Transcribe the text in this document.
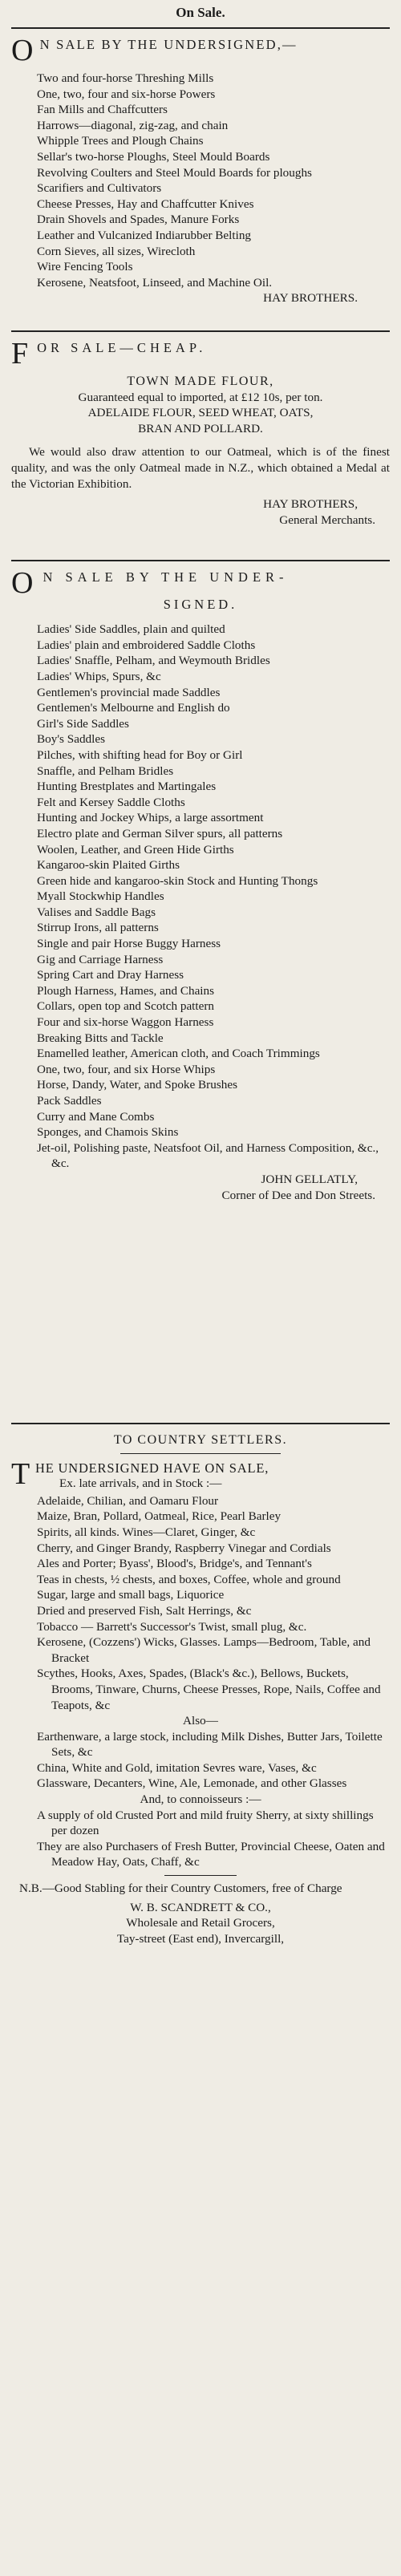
On Sale.
O N SALE BY THE UNDERSIGNED,—
Two and four-horse Threshing Mills
One, two, four and six-horse Powers
Fan Mills and Chaffcutters
Harrows—diagonal, zig-zag, and chain
Whipple Trees and Plough Chains
Sellar's two-horse Ploughs, Steel Mould Boards
Revolving Coulters and Steel Mould Boards for ploughs
Scarifiers and Cultivators
Cheese Presses, Hay and Chaffcutter Knives
Drain Shovels and Spades, Manure Forks
Leather and Vulcanized Indiarubber Belting
Corn Sieves, all sizes, Wirecloth
Wire Fencing Tools
Kerosene, Neatsfoot, Linseed, and Machine Oil.
HAY BROTHERS.
FOR SALE—CHEAP.
TOWN MADE FLOUR,
Guaranteed equal to imported, at £12 10s, per ton.
ADELAIDE FLOUR, SEED WHEAT, OATS,
BRAN AND POLLARD.
We would also draw attention to our Oatmeal, which is of the finest quality, and was the only Oatmeal made in N.Z., which obtained a Medal at the Victorian Exhibition.
HAY BROTHERS,
General Merchants.
O N SALE BY THE UNDER-
SIGNED.
Ladies' Side Saddles, plain and quilted
Ladies' plain and embroidered Saddle Cloths
Ladies' Snaffle, Pelham, and Weymouth Bridles
Ladies' Whips, Spurs, &c
Gentlemen's provincial made Saddles
Gentlemen's Melbourne and English do
Girl's Side Saddles
Boy's Saddles
Pilches, with shifting head for Boy or Girl
Snaffle, and Pelham Bridles
Hunting Brestplates and Martingales
Felt and Kersey Saddle Cloths
Hunting and Jockey Whips, a large assortment
Electro plate and German Silver spurs, all patterns
Woolen, Leather, and Green Hide Girths
Kangaroo-skin Plaited Girths
Green hide and kangaroo-skin Stock and Hunting Thongs
Myall Stockwhip Handles
Valises and Saddle Bags
Stirrup Irons, all patterns
Single and pair Horse Buggy Harness
Gig and Carriage Harness
Spring Cart and Dray Harness
Plough Harness, Hames, and Chains
Collars, open top and Scotch pattern
Four and six-horse Waggon Harness
Breaking Bitts and Tackle
Enamelled leather, American cloth, and Coach Trimmings
One, two, four, and six Horse Whips
Horse, Dandy, Water, and Spoke Brushes
Pack Saddles
Curry and Mane Combs
Sponges, and Chamois Skins
Jet-oil, Polishing paste, Neatsfoot Oil, and Harness Composition, &c., &c.
JOHN GELLATLY,
Corner of Dee and Don Streets.
TO COUNTRY SETTLERS.
THE UNDERSIGNED HAVE ON SALE,
Ex. late arrivals, and in Stock :—
Adelaide, Chilian, and Oamaru Flour
Maize, Bran, Pollard, Oatmeal, Rice, Pearl Barley
Spirits, all kinds. Wines—Claret, Ginger, &c
Cherry, and Ginger Brandy, Raspberry Vinegar and Cordials
Ales and Porter; Byass', Blood's, Bridge's, and Tennant's
Teas in chests, ½ chests, and boxes, Coffee, whole and ground
Sugar, large and small bags, Liquorice
Dried and preserved Fish, Salt Herrings, &c
Tobacco — Barrett's Successor's Twist, small plug, &c.
Kerosene, (Cozzens') Wicks, Glasses. Lamps—Bedroom, Table, and Bracket
Scythes, Hooks, Axes, Spades, (Black's &c.), Bellows, Buckets, Brooms, Tinware, Churns, Cheese Presses, Rope, Nails, Coffee and Teapots, &c
Also—
Earthenware, a large stock, including Milk Dishes, Butter Jars, Toilette Sets, &c
China, White and Gold, imitation Sevres ware, Vases, &c
Glassware, Decanters, Wine, Ale, Lemonade, and other Glasses
And, to connoisseurs :—
A supply of old Crusted Port and mild fruity Sherry, at sixty shillings per dozen
They are also Purchasers of Fresh Butter, Provincial Cheese, Oaten and Meadow Hay, Oats, Chaff, &c
N.B.—Good Stabling for their Country Customers, free of Charge
W. B. SCANDRETT & CO.,
Wholesale and Retail Grocers,
Tay-street (East end), Invercargill,
